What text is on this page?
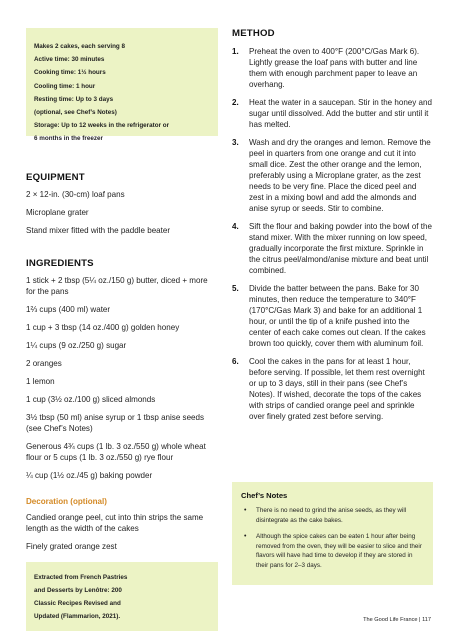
Makes 2 cakes, each serving 8

Active time: 30 minutes

Cooking time: 1½ hours

Cooling time: 1 hour

Resting time: Up to 3 days

(optional, see Chef’s Notes)

Storage: Up to 12 weeks in the refrigerator or

6 months in the freezer

EQUIPMENT

2 × 12-in. (30-cm) loaf pans

Microplane grater

Stand mixer fitted with the paddle beater

INGREDIENTS

1 stick + 2 tbsp (5¼ oz./150 g) butter, diced + more for the pans

1⅔ cups (400 ml) water

1 cup + 3 tbsp (14 oz./400 g) golden honey

1¼ cups (9 oz./250 g) sugar

2 oranges

1 lemon

1 cup (3½ oz./100 g) sliced almonds

3½ tbsp (50 ml) anise syrup or 1 tbsp anise seeds (see Chef’s Notes)

Generous 4¾ cups (1 lb. 3 oz./550 g) whole wheat flour or 5 cups (1 lb. 3 oz./550 g) rye flour

¼ cup (1½ oz./45 g) baking powder

Decoration (optional)

Candied orange peel, cut into thin strips the same length as the width of the cakes

Finely grated orange zest

Extracted from French Pastries

and Desserts by Lenôtre: 200

Classic Recipes Revised and

Updated (Flammarion, 2021).

METHOD
1. Preheat the oven to 400°F (200°C/Gas Mark 6). Lightly grease the loaf pans with butter and line them with enough parchment paper to leave an overhang.
2. Heat the water in a saucepan. Stir in the honey and sugar until dissolved. Add the butter and stir until it has melted.
3. Wash and dry the oranges and lemon. Remove the peel in quarters from one orange and cut it into small dice. Zest the other orange and the lemon, preferably using a Microplane grater, as the zest needs to be very fine. Place the diced peel and zest in a mixing bowl and add the almonds and anise syrup or seeds. Stir to combine.
4. Sift the flour and baking powder into the bowl of the stand mixer. With the mixer running on low speed, gradually incorporate the first mixture. Sprinkle in the citrus peel/almond/anise mixture and beat until combined.
5. Divide the batter between the pans. Bake for 30 minutes, then reduce the temperature to 340°F (170°C/Gas Mark 3) and bake for an additional 1 hour, or until the tip of a knife pushed into the center of each cake comes out clean. If the cakes brown too quickly, cover them with aluminum foil.
6. Cool the cakes in the pans for at least 1 hour, before serving. If possible, let them rest overnight or up to 3 days, still in their pans (see Chef’s Notes). If wished, decorate the tops of the cakes with strips of candied orange peel and sprinkle over finely grated zest before serving.

Chef’s Notes

• There is no need to grind the anise seeds, as they will disintegrate as the cake bakes.
• Although the spice cakes can be eaten 1 hour after being removed from the oven, they will be easier to slice and their flavors will have had time to develop if they are stored in their pans for 2–3 days.
The Good Life France | 117
